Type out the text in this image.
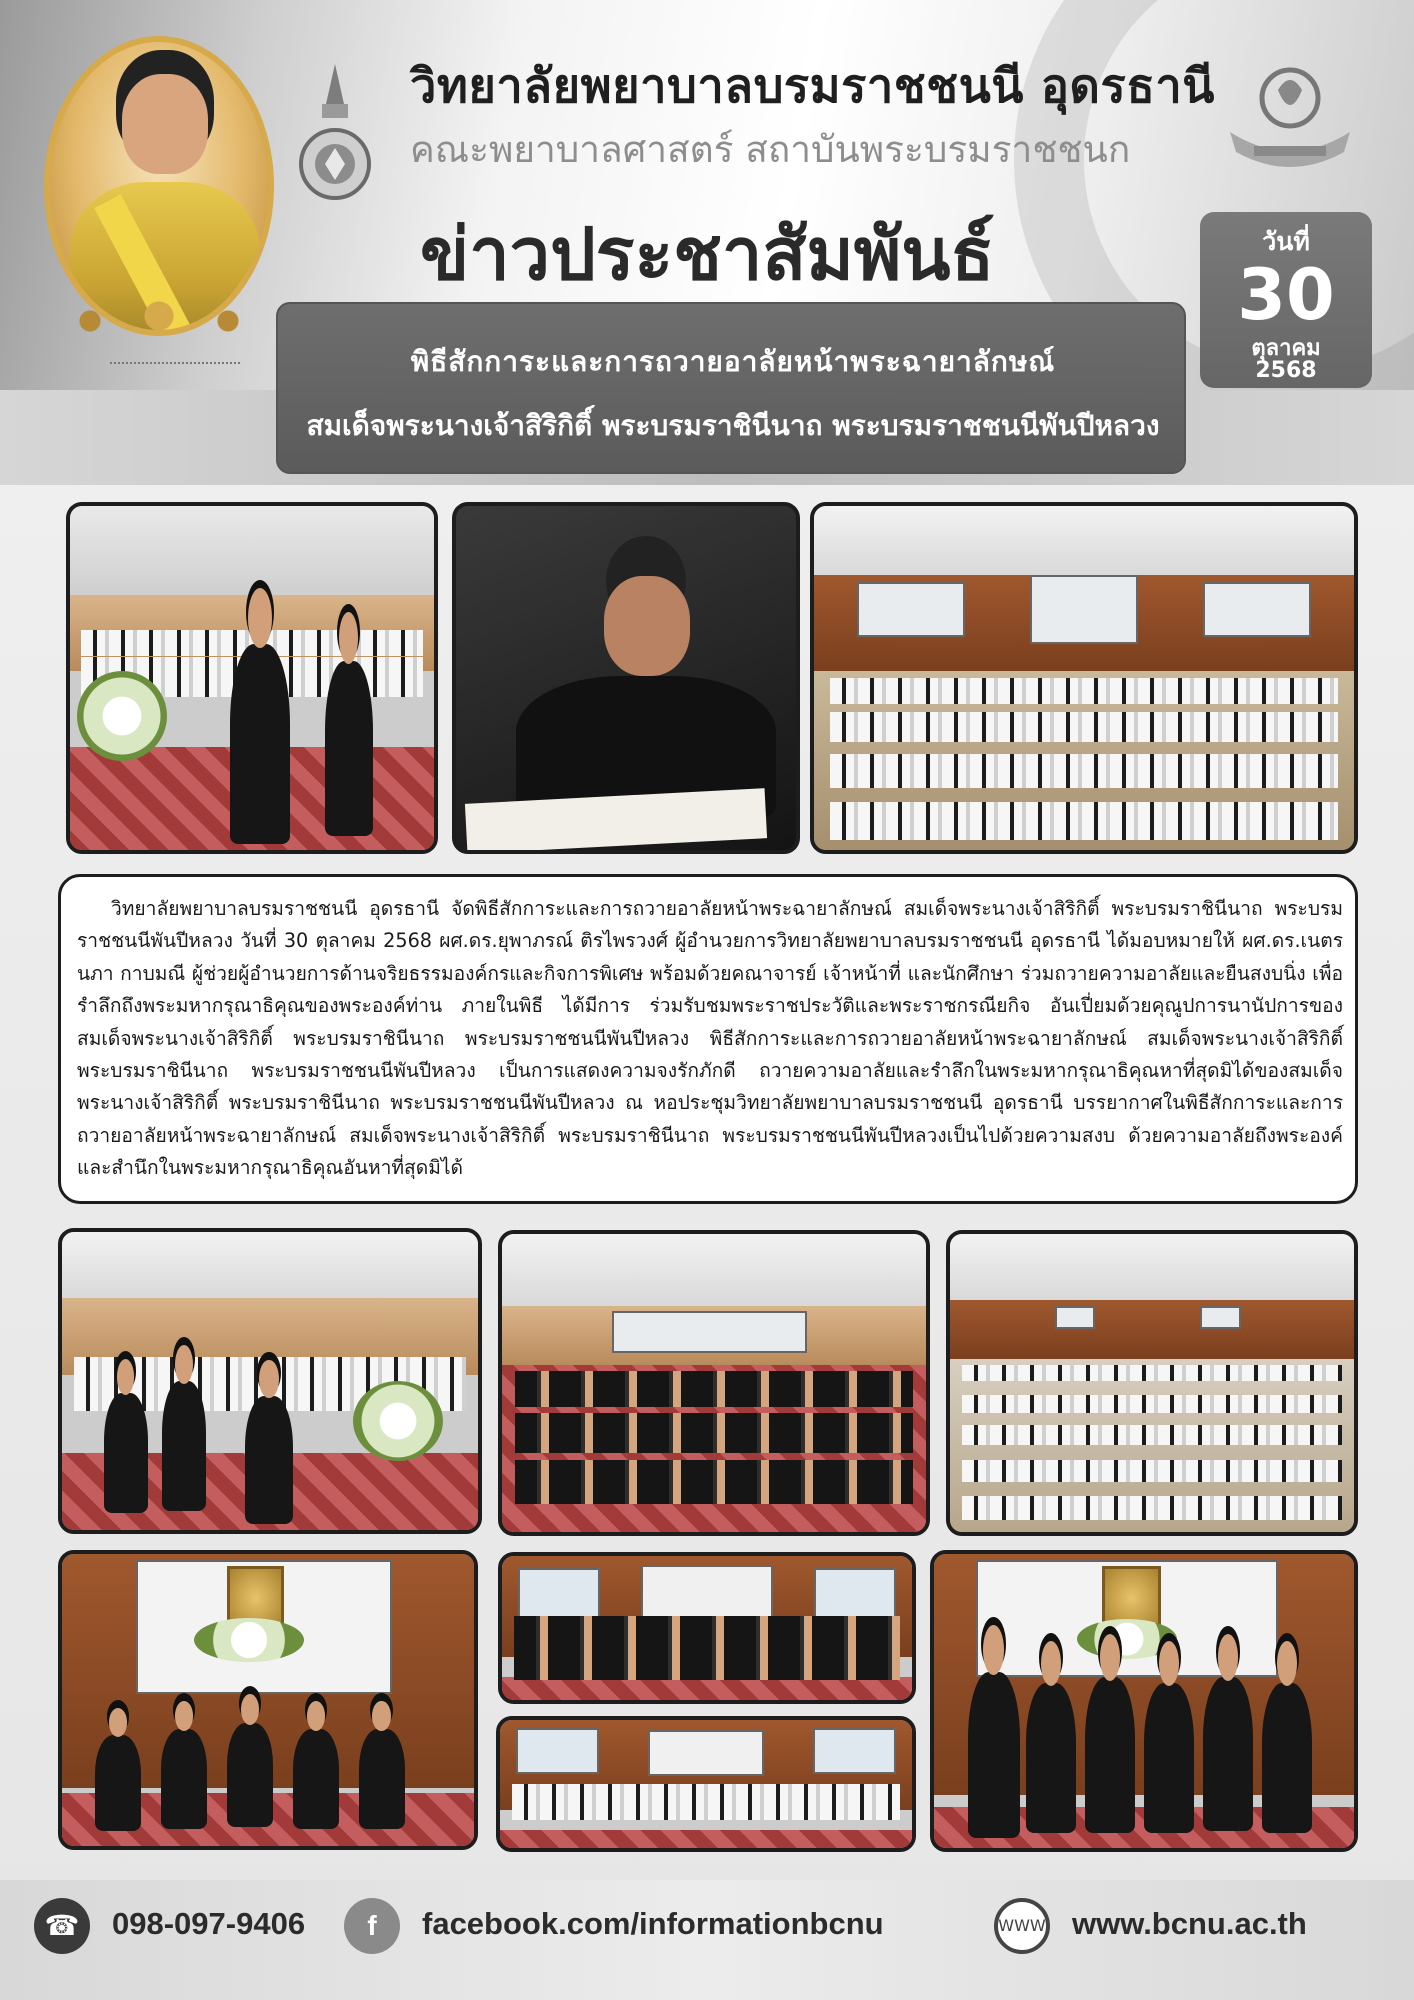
วิทยาลัยพยาบาลบรมราชชนนี อุดรธานี
คณะพยาบาลศาสตร์ สถาบันพระบรมราชชนก
ข่าวประชาสัมพันธ์
พิธีสักการะและการถวายอาลัยหน้าพระฉายาลักษณ์
สมเด็จพระนางเจ้าสิริกิติ์ พระบรมราชินีนาถ พระบรมราชชนนีพันปีหลวง
วันที่
30
ตุลาคม
2568

วิทยาลัยพยาบาลบรมราชชนนี อุดรธานี จัดพิธีสักการะและการถวายอาลัยหน้าพระฉายาลักษณ์ สมเด็จพระนางเจ้าสิริกิติ์ พระบรมราชินีนาถ พระบรมราชชนนีพันปีหลวง วันที่ 30 ตุลาคม 2568 ผศ.ดร.ยุพาภรณ์ ติรไพรวงศ์ ผู้อำนวยการวิทยาลัยพยาบาลบรมราชชนนี อุดรธานี ได้มอบหมายให้ ผศ.ดร.เนตรนภา กาบมณี ผู้ช่วยผู้อำนวยการด้านจริยธรรมองค์กรและกิจการพิเศษ พร้อมด้วยคณาจารย์ เจ้าหน้าที่ และนักศึกษา ร่วมถวายความอาลัยและยืนสงบนิ่ง เพื่อรำลึกถึงพระมหากรุณาธิคุณของพระองค์ท่าน ภายในพิธี ได้มีการ ร่วมรับชมพระราชประวัติและพระราชกรณียกิจ อันเปี่ยมด้วยคุณูปการนานัปการของสมเด็จพระนางเจ้าสิริกิติ์ พระบรมราชินีนาถ พระบรมราชชนนีพันปีหลวง พิธีสักการะและการถวายอาลัยหน้าพระฉายาลักษณ์ สมเด็จพระนางเจ้าสิริกิติ์ พระบรมราชินีนาถ พระบรมราชชนนีพันปีหลวง เป็นการแสดงความจงรักภักดี ถวายความอาลัยและรำลึกในพระมหากรุณาธิคุณหาที่สุดมิได้ของสมเด็จพระนางเจ้าสิริกิติ์ พระบรมราชินีนาถ พระบรมราชชนนีพันปีหลวง ณ หอประชุมวิทยาลัยพยาบาลบรมราชชนนี อุดรธานี บรรยากาศในพิธีสักการะและการถวายอาลัยหน้าพระฉายาลักษณ์ สมเด็จพระนางเจ้าสิริกิติ์ พระบรมราชินีนาถ พระบรมราชชนนีพันปีหลวงเป็นไปด้วยความสงบ ด้วยความอาลัยถึงพระองค์ และสำนึกในพระมหากรุณาธิคุณอันหาที่สุดมิได้

☎	098-097-9406	f	facebook.com/informationbcnu	WWW www.bcnu.ac.th
